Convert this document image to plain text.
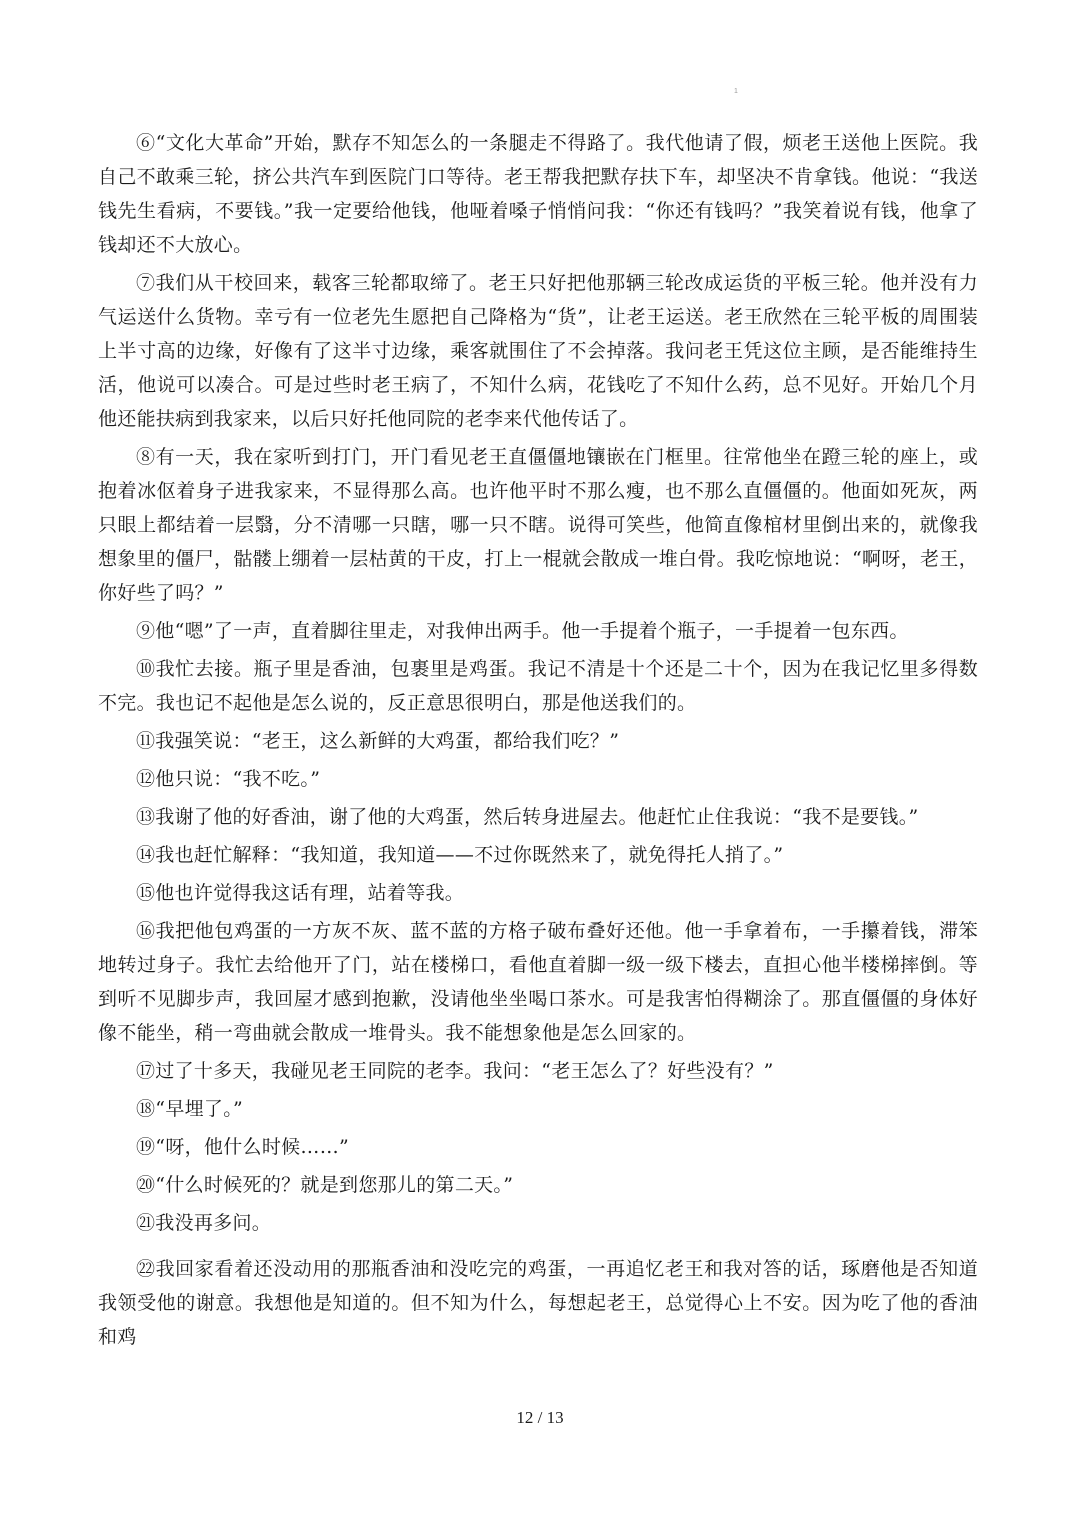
1

⑥“文化大革命”开始，默存不知怎么的一条腿走不得路了。我代他请了假，烦老王送他上医院。我自己不敢乘三轮，挤公共汽车到医院门口等待。老王帮我把默存扶下车，却坚决不肯拿钱。他说：“我送钱先生看病，不要钱。”我一定要给他钱，他哑着嗓子悄悄问我：“你还有钱吗？”我笑着说有钱，他拿了钱却还不大放心。

⑦我们从干校回来，载客三轮都取缔了。老王只好把他那辆三轮改成运货的平板三轮。他并没有力气运送什么货物。幸亏有一位老先生愿把自己降格为“货”，让老王运送。老王欣然在三轮平板的周围装上半寸高的边缘，好像有了这半寸边缘，乘客就围住了不会掉落。我问老王凭这位主顾，是否能维持生活，他说可以凑合。可是过些时老王病了，不知什么病，花钱吃了不知什么药，总不见好。开始几个月他还能扶病到我家来，以后只好托他同院的老李来代他传话了。

⑧有一天，我在家听到打门，开门看见老王直僵僵地镶嵌在门框里。往常他坐在蹬三轮的座上，或抱着冰伛着身子进我家来，不显得那么高。也许他平时不那么瘦，也不那么直僵僵的。他面如死灰，两只眼上都结着一层翳，分不清哪一只瞎，哪一只不瞎。说得可笑些，他简直像棺材里倒出来的，就像我想象里的僵尸，骷髅上绷着一层枯黄的干皮，打上一棍就会散成一堆白骨。我吃惊地说：“啊呀，老王，你好些了吗？”

⑨他“嗯”了一声，直着脚往里走，对我伸出两手。他一手提着个瓶子，一手提着一包东西。

⑩我忙去接。瓶子里是香油，包裹里是鸡蛋。我记不清是十个还是二十个，因为在我记忆里多得数不完。我也记不起他是怎么说的，反正意思很明白，那是他送我们的。

⑪我强笑说：“老王，这么新鲜的大鸡蛋，都给我们吃？”

⑫他只说：“我不吃。”

⑬我谢了他的好香油，谢了他的大鸡蛋，然后转身进屋去。他赶忙止住我说：“我不是要钱。”

⑭我也赶忙解释：“我知道，我知道——不过你既然来了，就免得托人捎了。”

⑮他也许觉得我这话有理，站着等我。

⑯我把他包鸡蛋的一方灰不灰、蓝不蓝的方格子破布叠好还他。他一手拿着布，一手攥着钱，滞笨地转过身子。我忙去给他开了门，站在楼梯口，看他直着脚一级一级下楼去，直担心他半楼梯摔倒。等到听不见脚步声，我回屋才感到抱歉，没请他坐坐喝口茶水。可是我害怕得糊涂了。那直僵僵的身体好像不能坐，稍一弯曲就会散成一堆骨头。我不能想象他是怎么回家的。

⑰过了十多天，我碰见老王同院的老李。我问：“老王怎么了？好些没有？”

⑱“早埋了。”

⑲“呀，他什么时候……”

⑳“什么时候死的？就是到您那儿的第二天。”

㉑我没再多问。

㉒我回家看着还没动用的那瓶香油和没吃完的鸡蛋，一再追忆老王和我对答的话，琢磨他是否知道我领受他的谢意。我想他是知道的。但不知为什么，每想起老王，总觉得心上不安。因为吃了他的香油和鸡

12 / 13
